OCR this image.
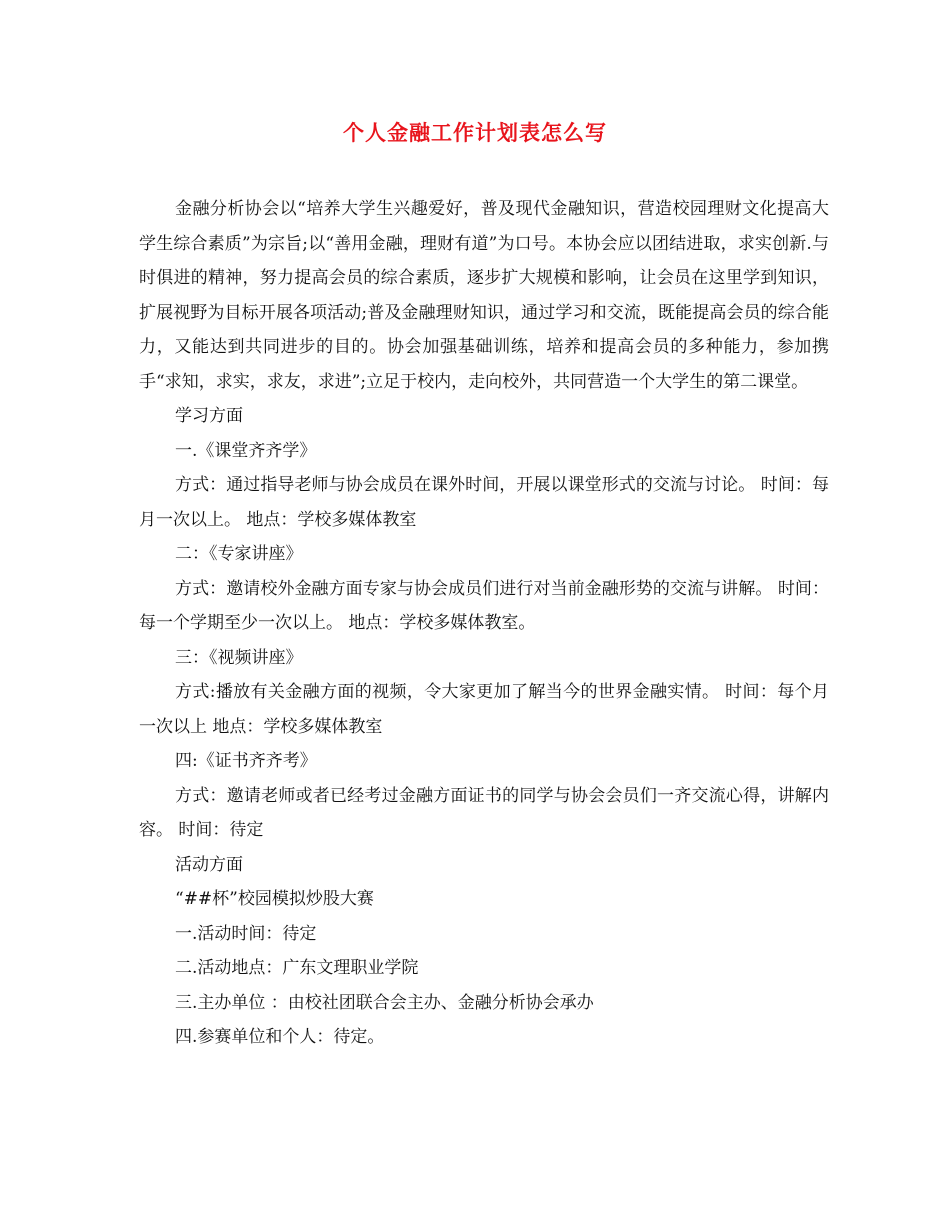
个人金融工作计划表怎么写

金融分析协会以“培养大学生兴趣爱好，普及现代金融知识，营造校园理财文化提高大学生综合素质”为宗旨;以“善用金融，理财有道”为口号。本协会应以团结进取，求实创新.与时俱进的精神，努力提高会员的综合素质，逐步扩大规模和影响，让会员在这里学到知识，扩展视野为目标开展各项活动;普及金融理财知识，通过学习和交流，既能提高会员的综合能力，又能达到共同进步的目的。协会加强基础训练，培养和提高会员的多种能力，参加携手“求知，求实，求友，求进”;立足于校内，走向校外，共同营造一个大学生的第二课堂。

学习方面

一.《课堂齐齐学》

方式：通过指导老师与协会成员在课外时间，开展以课堂形式的交流与讨论。 时间：每月一次以上。 地点：学校多媒体教室

二：《专家讲座》

方式：邀请校外金融方面专家与协会成员们进行对当前金融形势的交流与讲解。 时间：每一个学期至少一次以上。 地点：学校多媒体教室。

三：《视频讲座》

方式:播放有关金融方面的视频，令大家更加了解当今的世界金融实情。 时间：每个月一次以上 地点：学校多媒体教室

四:《证书齐齐考》

方式：邀请老师或者已经考过金融方面证书的同学与协会会员们一齐交流心得，讲解内容。 时间：待定

活动方面

“##杯”校园模拟炒股大赛

一.活动时间：待定

二.活动地点：广东文理职业学院

三.主办单位 ：由校社团联合会主办、金融分析协会承办

四.参赛单位和个人：待定。
